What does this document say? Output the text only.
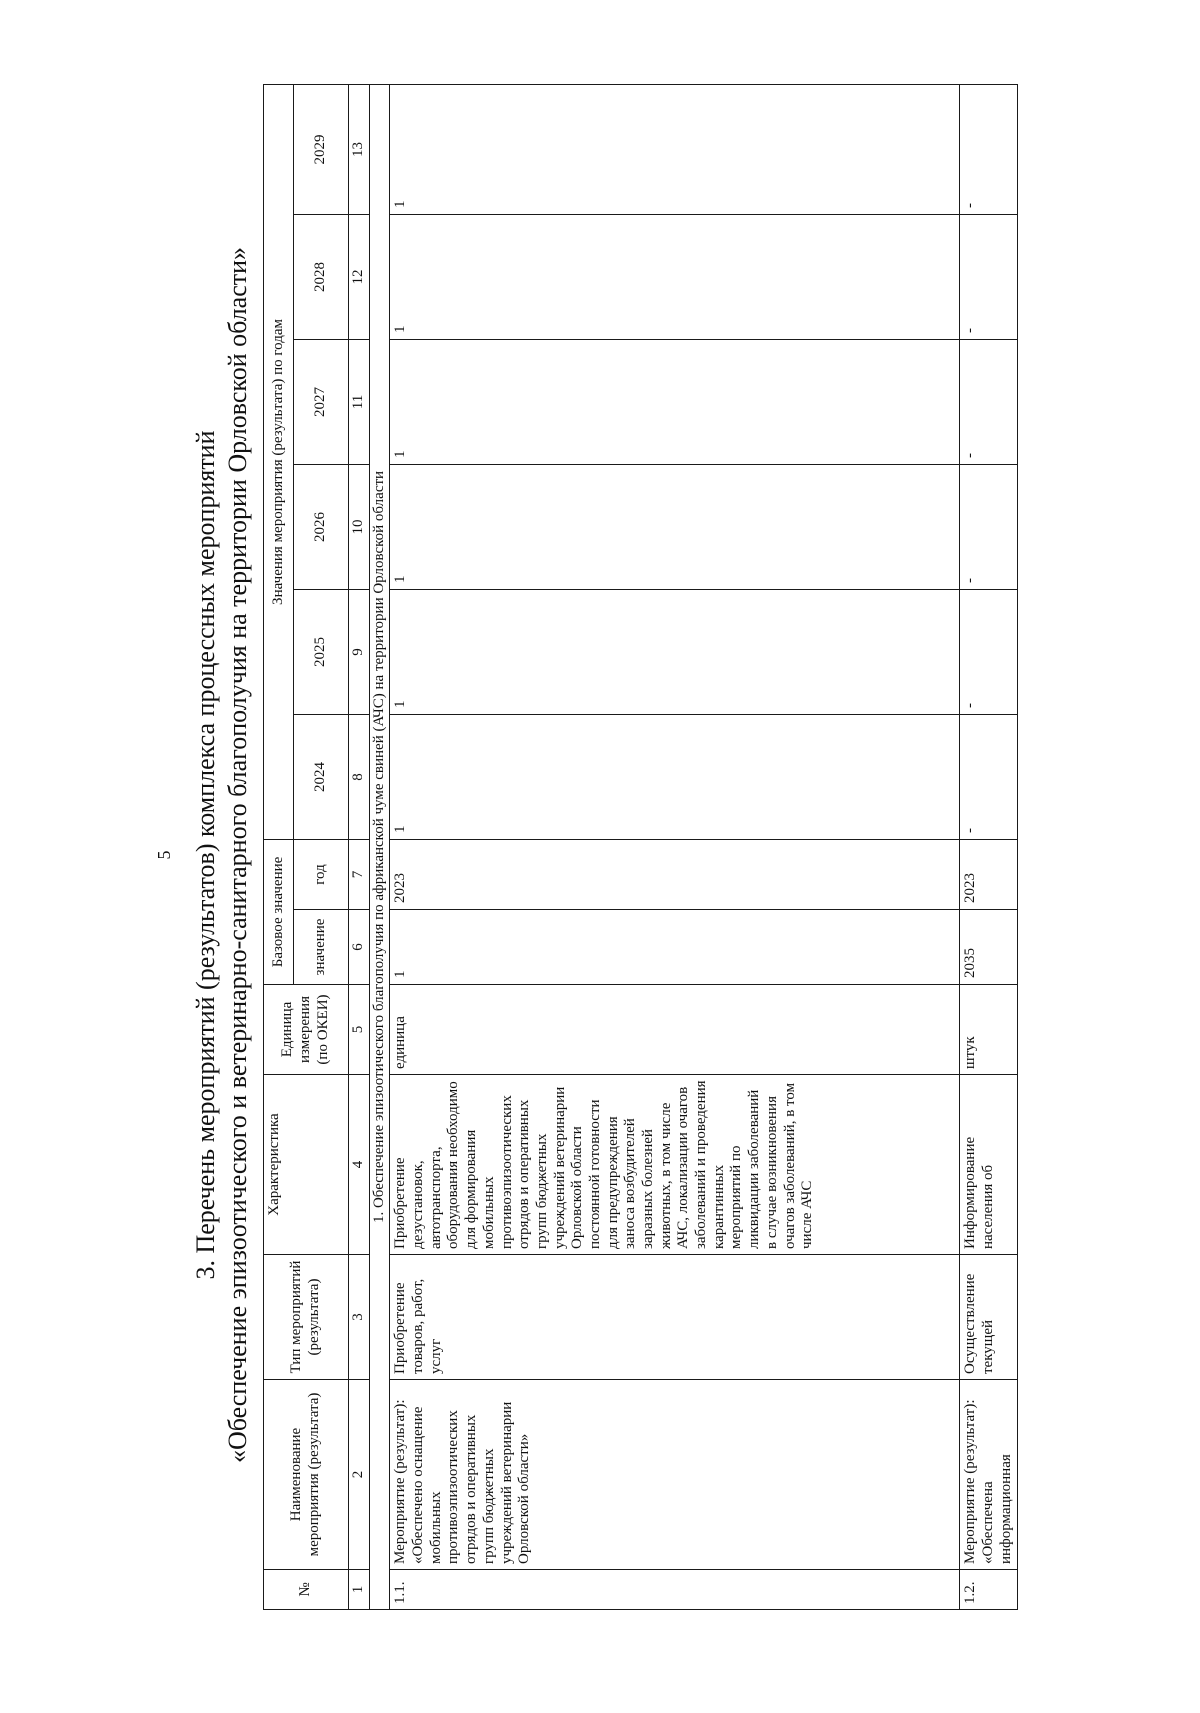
5 3. Перечень мероприятий (результатов) комплекса процессных мероприятий «Обеспечение эпизоотического и ветеринарно-санитарного благополучия на территории Орловской области»
№	Наименование мероприятия (результата)	Тип мероприятий (результата)	Характеристика	Единица измерения (по ОКЕИ)	Базовое значение		Значения мероприятия (результата) по годам					
					значение	год	2024	2025	2026	2027	2028	2029
1	2	3	4	5	6	7	8	9	10	11	12	13
1. Обеспечение эпизоотического благополучия по африканской чуме свиней (АЧС) на территории Орловской области												
1.1.	Мероприятие (результат): «Обеспечено оснащение мобильных противоэпизоотических отрядов и оперативных групп бюджетных учреждений ветеринарии Орловской области»	Приобретение товаров, работ, услуг	Приобретение дезустановок, автотранспорта, оборудования необходимо для формирования мобильных противоэпизоотических отрядов и оперативных групп бюджетных учреждений ветеринарии Орловской области постоянной готовности для предупреждения заноса возбудителей заразных болезней животных, в том числе АЧС, локализации очагов заболеваний и проведения карантинных мероприятий по ликвидации заболеваний в случае возникновения очагов заболеваний, в том числе АЧС	единица	1	2023	1	1	1	1	1	1
1.2.	Мероприятие (результат): «Обеспечена информационная	Осуществление текущей	Информирование населения об	штук	2035	2023	-	-	-	-	-	-
